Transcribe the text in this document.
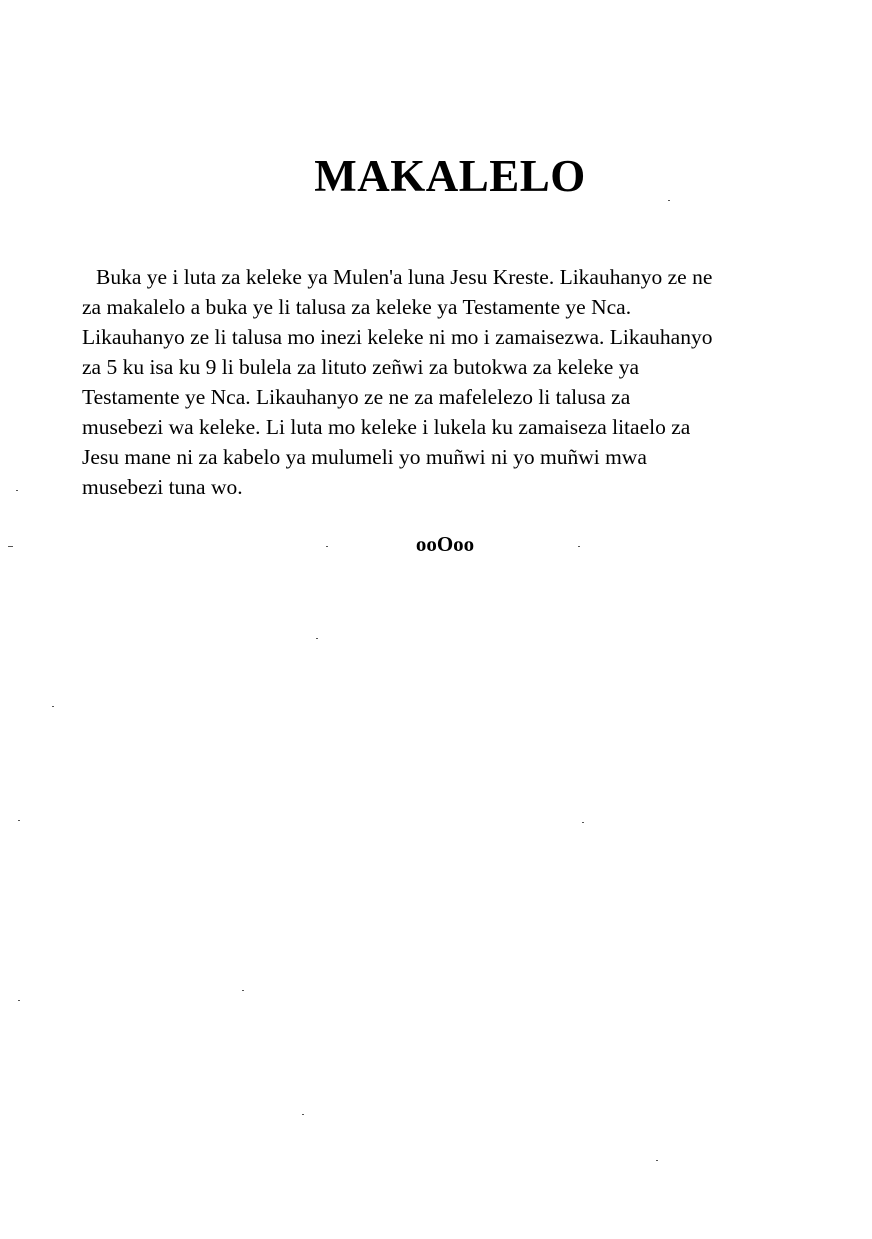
MAKALELO

Buka ye i luta za keleke ya Mulen'a luna Jesu Kreste. Likauhanyo ze ne
za makalelo a buka ye li talusa za keleke ya Testamente ye Nca.
Likauhanyo ze li talusa mo inezi keleke ni mo i zamaisezwa. Likauhanyo
za 5 ku isa ku 9 li bulela za lituto zeñwi za butokwa za keleke ya
Testamente ye Nca. Likauhanyo ze ne za mafelelezo li talusa za
musebezi wa keleke. Li luta mo keleke i lukela ku zamaiseza litaelo za
Jesu mane ni za kabelo ya mulumeli yo muñwi ni yo muñwi mwa
musebezi tuna wo.

ooOoo
